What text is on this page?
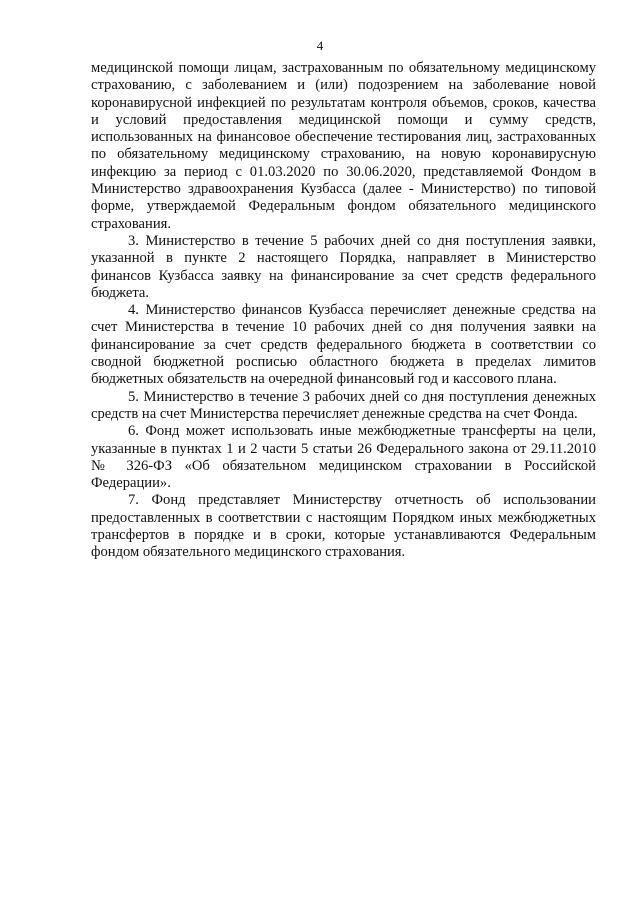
4

медицинской помощи лицам, застрахованным по обязательному медицинскому страхованию, с заболеванием и (или) подозрением на заболевание новой коронавирусной инфекцией по результатам контроля объемов, сроков, качества и условий предоставления медицинской помощи и сумму средств, использованных на финансовое обеспечение тестирования лиц, застрахованных по обязательному медицинскому страхованию, на новую коронавирусную инфекцию за период с 01.03.2020 по 30.06.2020, представляемой Фондом в Министерство здравоохранения Кузбасса (далее - Министерство) по типовой форме, утверждаемой Федеральным фондом обязательного медицинского страхования.

3. Министерство в течение 5 рабочих дней со дня поступления заявки, указанной в пункте 2 настоящего Порядка, направляет в Министерство финансов Кузбасса заявку на финансирование за счет средств федерального бюджета.

4. Министерство финансов Кузбасса перечисляет денежные средства на счет Министерства в течение 10 рабочих дней со дня получения заявки на финансирование за счет средств федерального бюджета в соответствии со сводной бюджетной росписью областного бюджета в пределах лимитов бюджетных обязательств на очередной финансовый год и кассового плана.

5. Министерство в течение 3 рабочих дней со дня поступления денежных средств на счет Министерства перечисляет денежные средства на счет Фонда.

6. Фонд может использовать иные межбюджетные трансферты на цели, указанные в пунктах 1 и 2 части 5 статьи 26 Федерального закона от 29.11.2010 № 326-ФЗ «Об обязательном медицинском страховании в Российской Федерации».

7. Фонд представляет Министерству отчетность об использовании предоставленных в соответствии с настоящим Порядком иных межбюджетных трансфертов в порядке и в сроки, которые устанавливаются Федеральным фондом обязательного медицинского страхования.
